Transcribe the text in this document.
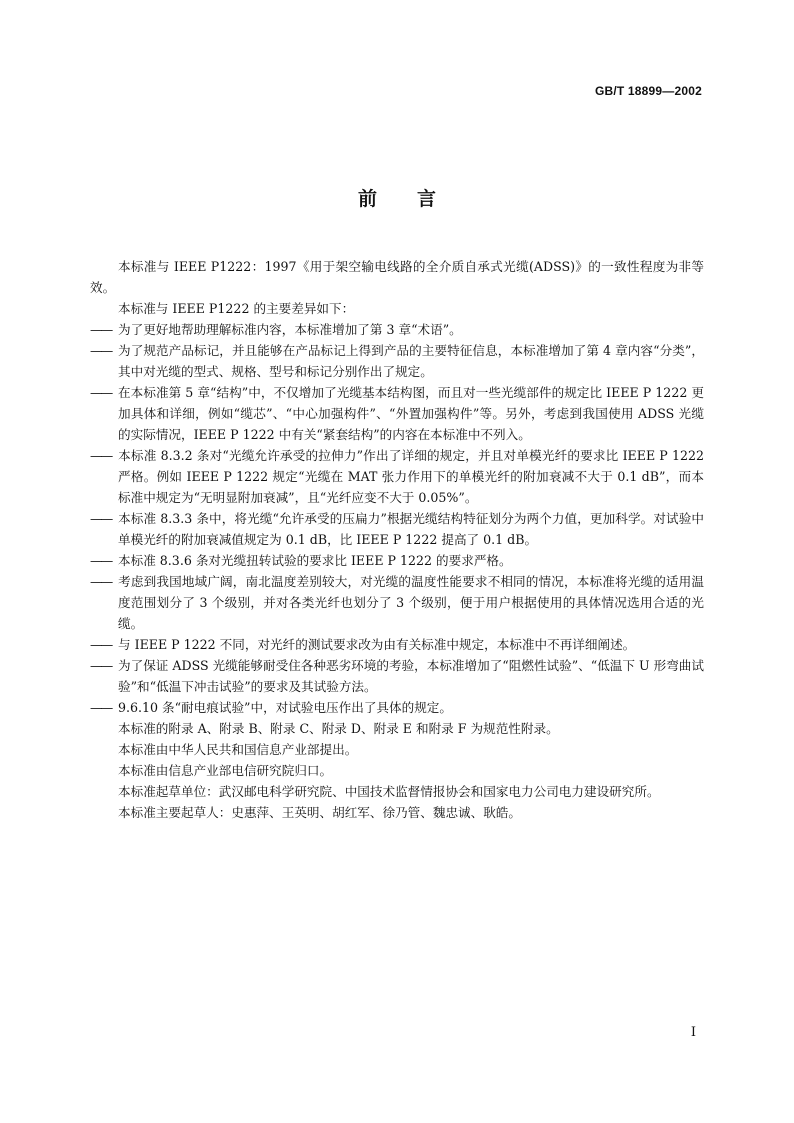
GB/T 18899—2002
前言

本标准与 IEEE P1222：1997《用于架空输电线路的全介质自承式光缆(ADSS)》的一致性程度为非等效。

本标准与 IEEE P1222 的主要差异如下：

—— 为了更好地帮助理解标准内容，本标准增加了第 3 章“术语”。

—— 为了规范产品标记，并且能够在产品标记上得到产品的主要特征信息，本标准增加了第 4 章内容“分类”，其中对光缆的型式、规格、型号和标记分别作出了规定。

—— 在本标准第 5 章“结构”中，不仅增加了光缆基本结构图，而且对一些光缆部件的规定比 IEEE P 1222 更加具体和详细，例如“缆芯”、“中心加强构件”、“外置加强构件”等。另外，考虑到我国使用 ADSS 光缆的实际情况，IEEE P 1222 中有关“紧套结构”的内容在本标准中不列入。

—— 本标准 8.3.2 条对“光缆允许承受的拉伸力”作出了详细的规定，并且对单模光纤的要求比 IEEE P 1222 严格。例如 IEEE P 1222 规定“光缆在 MAT 张力作用下的单模光纤的附加衰减不大于 0.1 dB”，而本标准中规定为“无明显附加衰减”，且“光纤应变不大于 0.05%”。

—— 本标准 8.3.3 条中，将光缆“允许承受的压扁力”根据光缆结构特征划分为两个力值，更加科学。对试验中单模光纤的附加衰减值规定为 0.1 dB，比 IEEE P 1222 提高了 0.1 dB。

—— 本标准 8.3.6 条对光缆扭转试验的要求比 IEEE P 1222 的要求严格。

—— 考虑到我国地域广阔，南北温度差别较大，对光缆的温度性能要求不相同的情况，本标准将光缆的适用温度范围划分了 3 个级别，并对各类光纤也划分了 3 个级别，便于用户根据使用的具体情况选用合适的光缆。

—— 与 IEEE P 1222 不同，对光纤的测试要求改为由有关标准中规定，本标准中不再详细阐述。

—— 为了保证 ADSS 光缆能够耐受住各种恶劣环境的考验，本标准增加了“阻燃性试验”、“低温下 U 形弯曲试验”和“低温下冲击试验”的要求及其试验方法。

—— 9.6.10 条“耐电痕试验”中，对试验电压作出了具体的规定。

本标准的附录 A、附录 B、附录 C、附录 D、附录 E 和附录 F 为规范性附录。

本标准由中华人民共和国信息产业部提出。

本标准由信息产业部电信研究院归口。

本标准起草单位：武汉邮电科学研究院、中国技术监督情报协会和国家电力公司电力建设研究所。

本标准主要起草人：史惠萍、王英明、胡红军、徐乃管、魏忠诚、耿皓。

I
